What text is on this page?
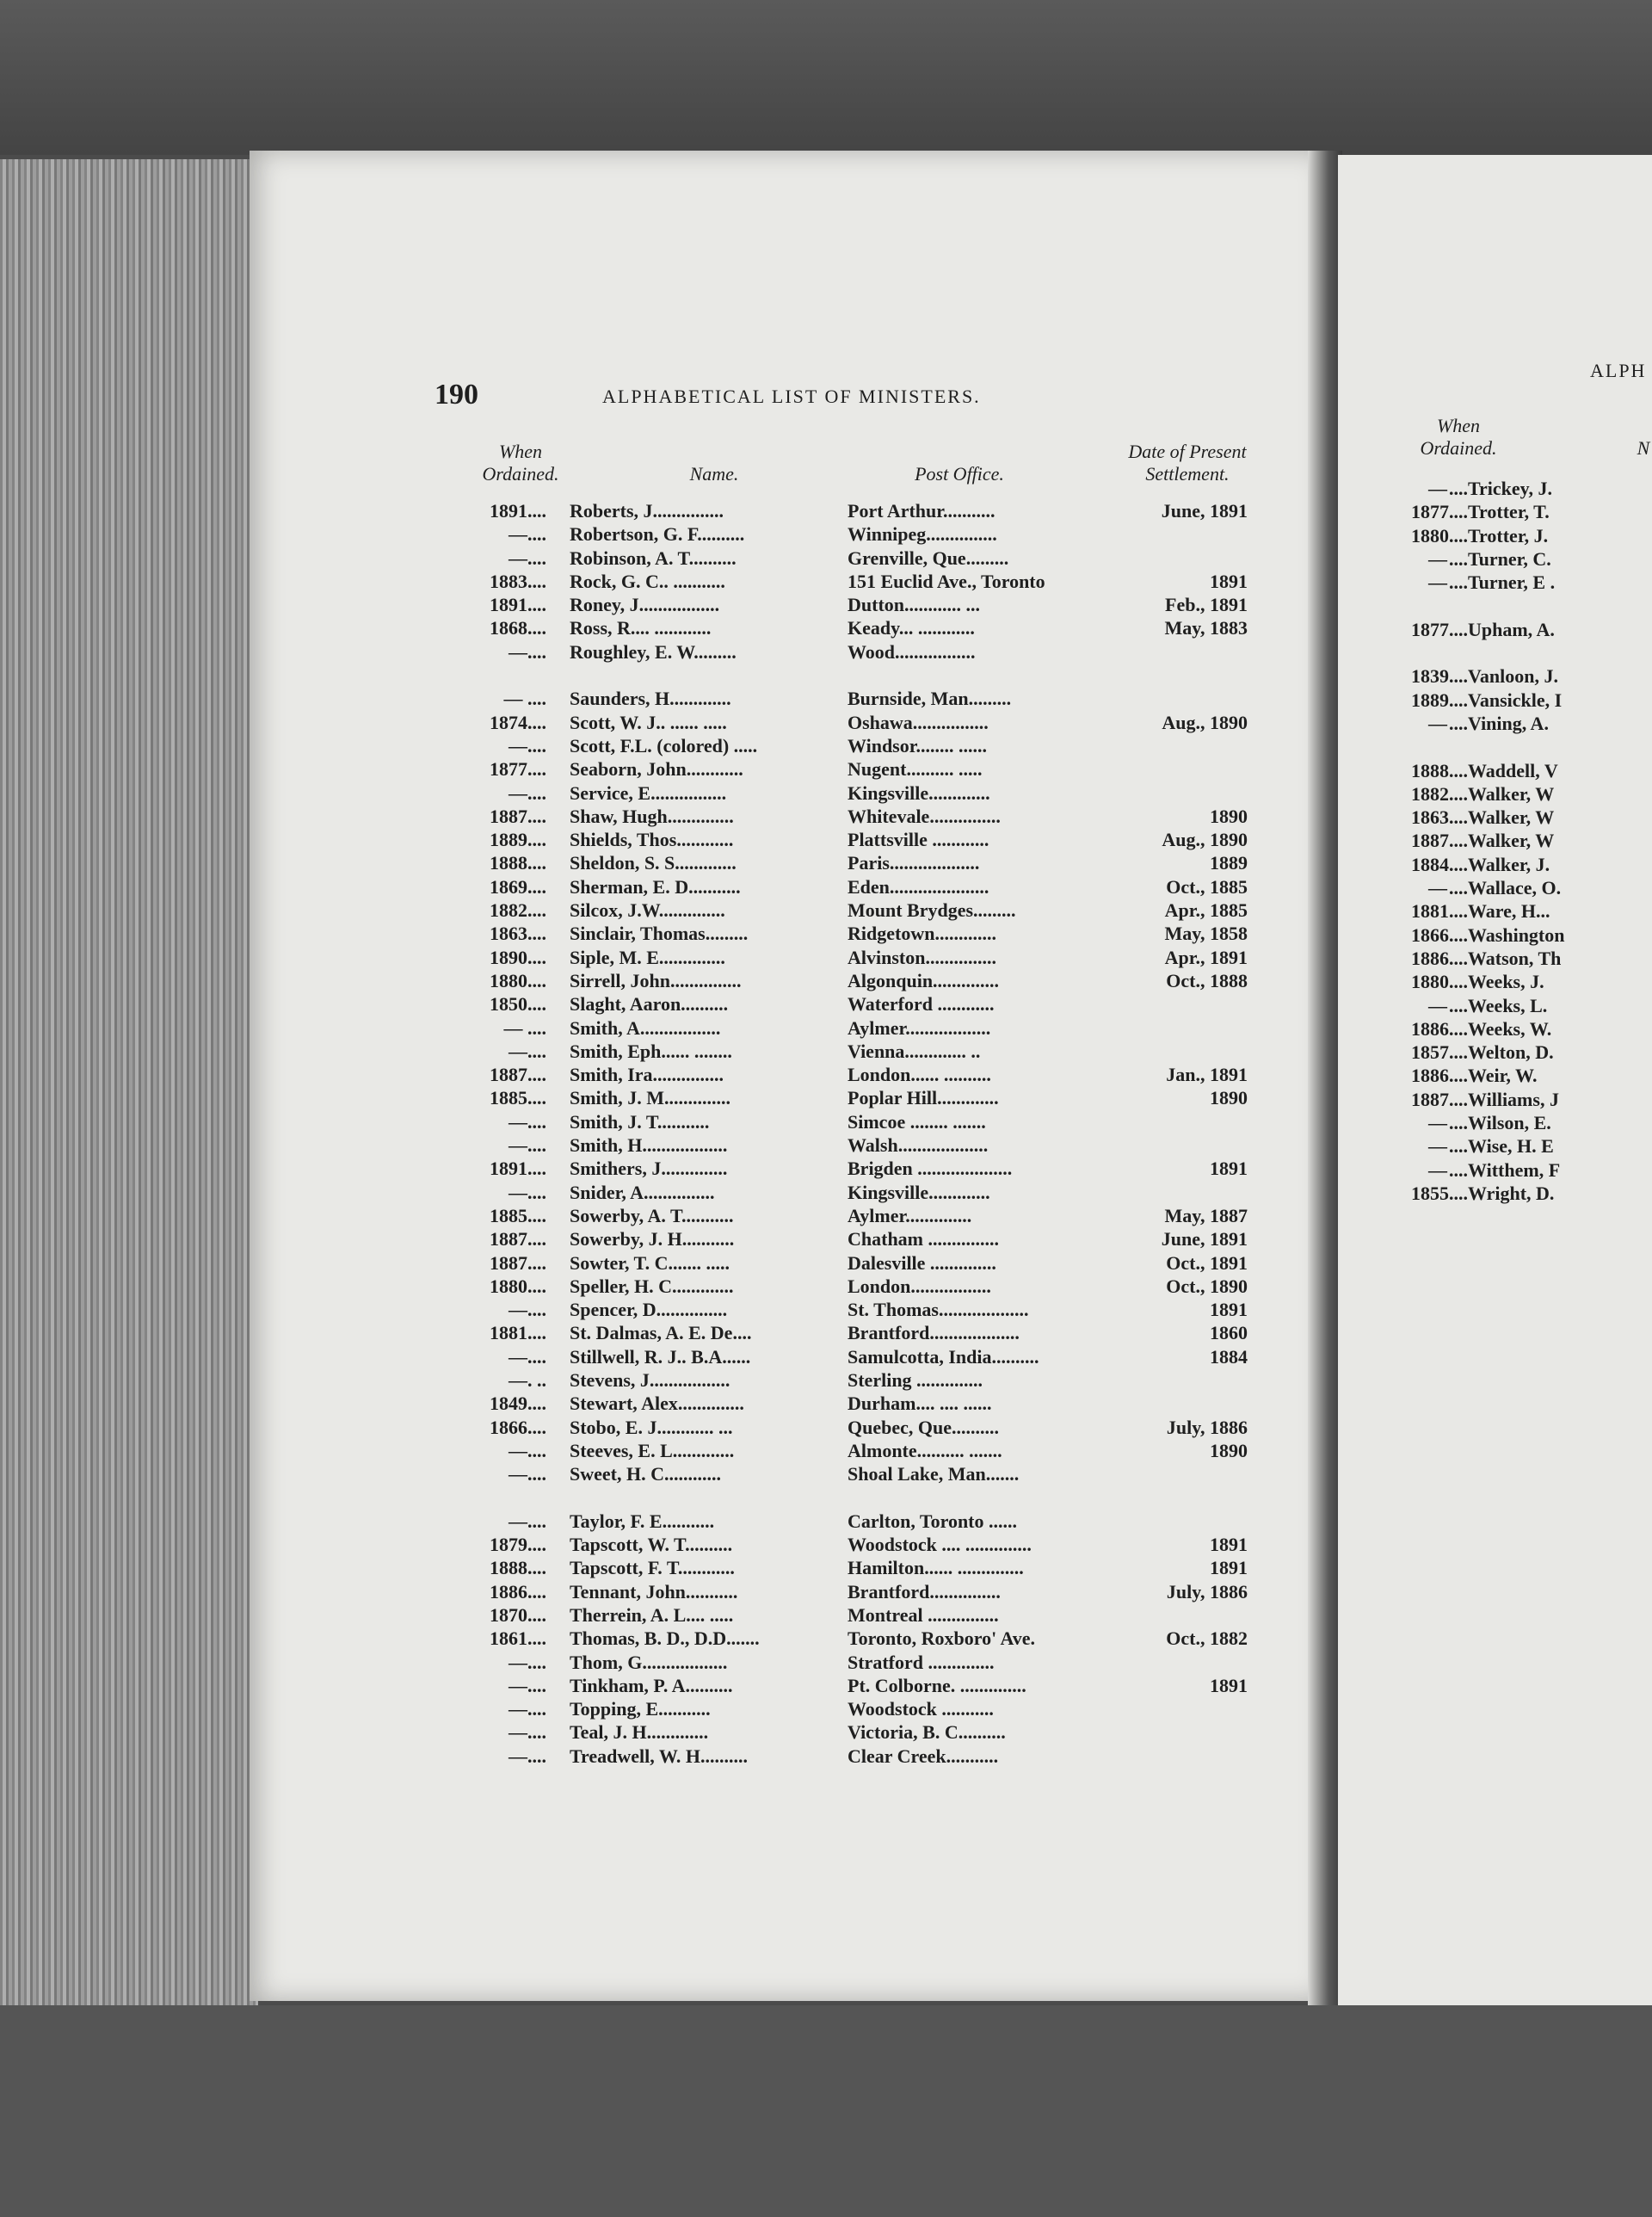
190	ALPHABETICAL LIST OF MINISTERS.
When
Ordained.	Name.	Post Office.
Date of Present
Settlement.
1891.... Roberts, J...............	Port Arthur...........	June, 1891
—.... Robertson, G. F..........	Winnipeg...............
—.... Robinson, A. T..........	Grenville, Que.........
1883.... Rock, G. C.. ...........	151 Euclid Ave., Toronto	1891
1891.... Roney, J.................	Dutton............ ...	Feb., 1891
1868.... Ross, R.... ............	Keady... ............	May, 1883
—.... Roughley, E. W.........	Wood.................
— .... Saunders, H.............	Burnside, Man.........
1874.... Scott, W. J.. ...... .....	Oshawa................	Aug., 1890
—.... Scott, F.L. (colored) .....	Windsor........ ......
1877.... Seaborn, John............	Nugent.......... .....
—.... Service, E................	Kingsville.............
1887.... Shaw, Hugh..............	Whitevale...............	1890
1889.... Shields, Thos............	Plattsville ............	Aug., 1890
1888.... Sheldon, S. S.............	Paris...................	1889
1869.... Sherman, E. D...........	Eden.....................	Oct., 1885
1882.... Silcox, J.W..............	Mount Brydges.........	Apr., 1885
1863.... Sinclair, Thomas.........	Ridgetown.............	May, 1858
1890.... Siple, M. E..............	Alvinston...............	Apr., 1891
1880.... Sirrell, John...............	Algonquin..............	Oct., 1888
1850.... Slaght, Aaron..........	Waterford ............
— .... Smith, A.................	Aylmer..................
—.... Smith, Eph...... ........	Vienna............. ..
1887.... Smith, Ira...............	London...... ..........	Jan., 1891
1885.... Smith, J. M..............	Poplar Hill.............	1890
—.... Smith, J. T...........	Simcoe ........ .......
—.... Smith, H..................	Walsh...................
1891.... Smithers, J..............	Brigden ....................	1891
—.... Snider, A...............	Kingsville.............
1885.... Sowerby, A. T...........	Aylmer..............	May, 1887
1887.... Sowerby, J. H...........	Chatham ...............	June, 1891
1887.... Sowter, T. C....... .....	Dalesville ..............	Oct., 1891
1880.... Speller, H. C.............	London.................	Oct., 1890
—.... Spencer, D...............	St. Thomas...................	1891
1881.... St. Dalmas, A. E. De....	Brantford...................	1860
—.... Stillwell, R. J.. B.A......	Samulcotta, India..........	1884
—. .. Stevens, J.................	Sterling ..............
1849.... Stewart, Alex..............	Durham.... .... ......
1866.... Stobo, E. J............ ...	Quebec, Que..........	July, 1886
—.... Steeves, E. L.............	Almonte.......... .......	1890
—.... Sweet, H. C............	Shoal Lake, Man.......
—.... Taylor, F. E...........	Carlton, Toronto ......
1879.... Tapscott, W. T..........	Woodstock .... ..............	1891
1888.... Tapscott, F. T............	Hamilton...... ..............	1891
1886.... Tennant, John...........	Brantford...............	July, 1886
1870.... Therrein, A. L.... .....	Montreal ...............
1861.... Thomas, B. D., D.D.......	Toronto, Roxboro' Ave.	Oct., 1882
—.... Thom, G..................	Stratford ..............
—.... Tinkham, P. A..........	Pt. Colborne. ..............	1891
—.... Topping, E...........	Woodstock ...........
—.... Teal, J. H.............	Victoria, B. C..........
—.... Treadwell, W. H..........	Clear Creek...........
ALPH
When
Ordained.	N
— ....Trickey, J.
1877 ....Trotter, T.
1880 ....Trotter, J.
— ....Turner, C.
— ....Turner, E .
1877 ....Upham, A.
1839 ....Vanloon, J.
1889 ....Vansickle, I
— ....Vining, A.
1888 ....Waddell, V
1882 ....Walker, W
1863 ....Walker, W
1887 ....Walker, W
1884 ....Walker, J.
— ....Wallace, O.
1881 ....Ware, H...
1866 ....Washington
1886 ....Watson, Th
1880 ....Weeks, J.
— ....Weeks, L.
1886 ....Weeks, W.
1857 ....Welton, D.
1886 ....Weir, W.
1887 ....Williams, J
— ....Wilson, E.
— ....Wise, H. E
— ....Witthem, F
1855 ....Wright, D.
